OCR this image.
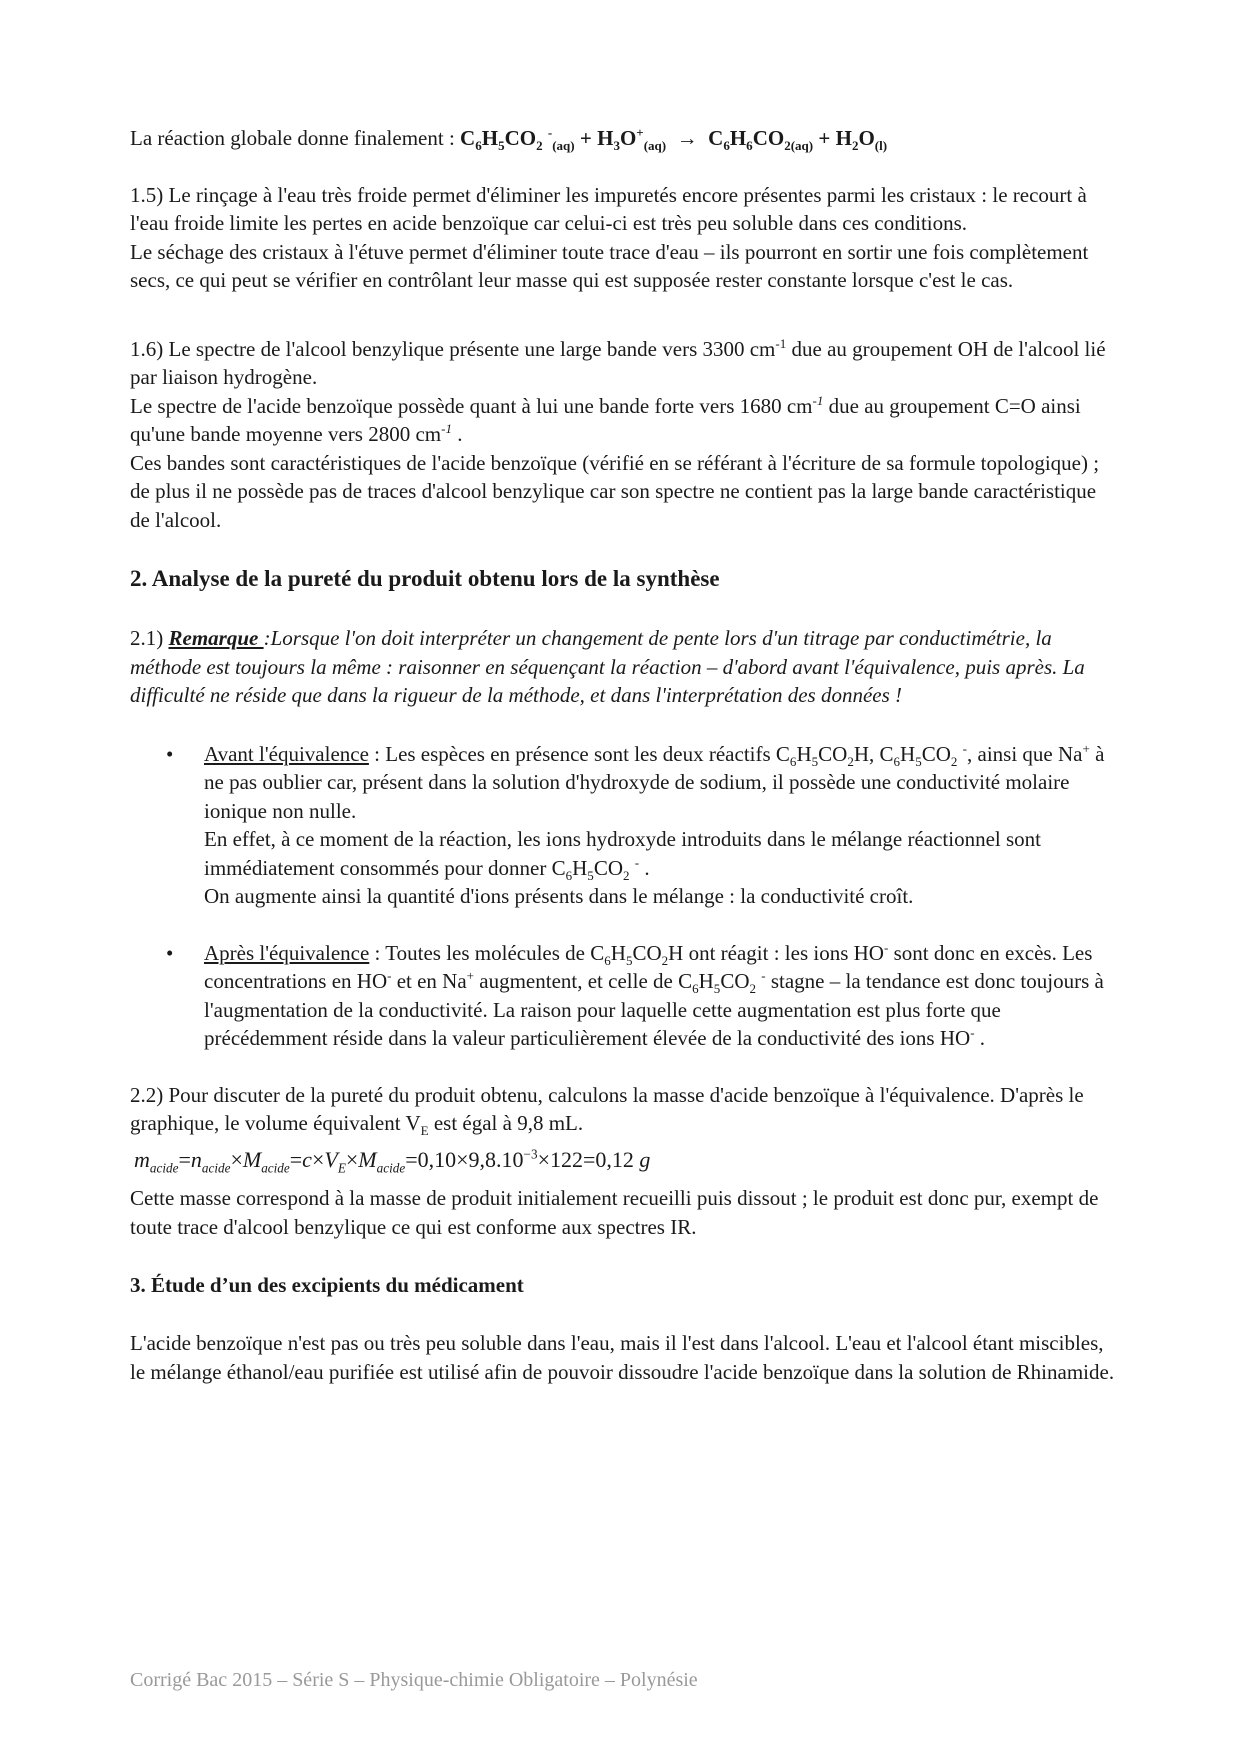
La réaction globale donne finalement : $C_6H_5CO_2$ $^-_{(aq)} + H_3O^+_{(aq)} \to C_6H_6CO_{2(aq)} + H_2O_{(l)}$

1.5) Le rinçage à l'eau très froide permet d'éliminer les impuretés encore présentes parmi les cristaux : le recourt à l'eau froide limite les pertes en acide benzoïque car celui-ci est très peu soluble dans ces conditions.

Le séchage des cristaux à l'étuve permet d'éliminer toute trace d'eau – ils pourront en sortir une fois complètement secs, ce qui peut se vérifier en contrôlant leur masse qui est supposée rester constante lorsque c'est le cas.

1.6) Le spectre de l'alcool benzylique présente une large bande vers 3300 $cm^{-1}$ due au groupement OH de l'alcool lié par liaison hydrogène.

Le spectre de l'acide benzoïque possède quant à lui une bande forte vers 1680 $cm^{-1}$ due au groupement C=O ainsi qu'une bande moyenne vers 2800 $cm^{-1}$ .

Ces bandes sont caractéristiques de l'acide benzoïque (vérifié en se référant à l'écriture de sa formule topologique) ; de plus il ne possède pas de traces d'alcool benzylique car son spectre ne contient pas la large bande caractéristique de l'alcool.

2. Analyse de la pureté du produit obtenu lors de la synthèse

2.1) Remarque :Lorsque l'on doit interpréter un changement de pente lors d'un titrage par conductimétrie, la méthode est toujours la même : raisonner en séquençant la réaction – d'abord avant l'équivalence, puis après. La difficulté ne réside que dans la rigueur de la méthode, et dans l'interprétation des données !

• Avant l'équivalence : Les espèces en présence sont les deux réactifs $C_6H_5CO_2H$, $C_6H_5CO_2$ -, ainsi que Na+ à ne pas oublier car, présent dans la solution d'hydroxyde de sodium, il possède une conductivité molaire ionique non nulle.

En effet, à ce moment de la réaction, les ions hydroxyde introduits dans le mélange réactionnel sont immédiatement consommés pour donner $C_6H_5CO_2$ - .

On augmente ainsi la quantité d'ions présents dans le mélange : la conductivité croît.

• Après l'équivalence : Toutes les molécules de $C_6H_5CO_2H$ ont réagit : les ions HO- sont donc en excès. Les concentrations en HO- et en Na+ augmentent, et celle de $C_6H_5CO_2$ - stagne – la tendance est donc toujours à l'augmentation de la conductivité. La raison pour laquelle cette augmentation est plus forte que précédemment réside dans la valeur particulièrement élevée de la conductivité des ions HO- .

2.2) Pour discuter de la pureté du produit obtenu, calculons la masse d'acide benzoïque à l'équivalence. D'après le graphique, le volume équivalent $V_E$ est égal à 9,8 mL.

$m_{acide}=n_{acide}\times M_{acide}=c\times V_E\times M_{acide}=0,10\times 9,8.10^{-3}\times 122=0,12$ g

Cette masse correspond à la masse de produit initialement recueilli puis dissout ; le produit est donc pur, exempt de toute trace d'alcool benzylique ce qui est conforme aux spectres IR.

3. Étude d’un des excipients du médicament

L'acide benzoïque n'est pas ou très peu soluble dans l'eau, mais il l'est dans l'alcool. L'eau et l'alcool étant miscibles, le mélange éthanol/eau purifiée est utilisé afin de pouvoir dissoudre l'acide benzoïque dans la solution de Rhinamide.

Corrigé Bac 2015 – Série S – Physique-chimie Obligatoire – Polynésie
